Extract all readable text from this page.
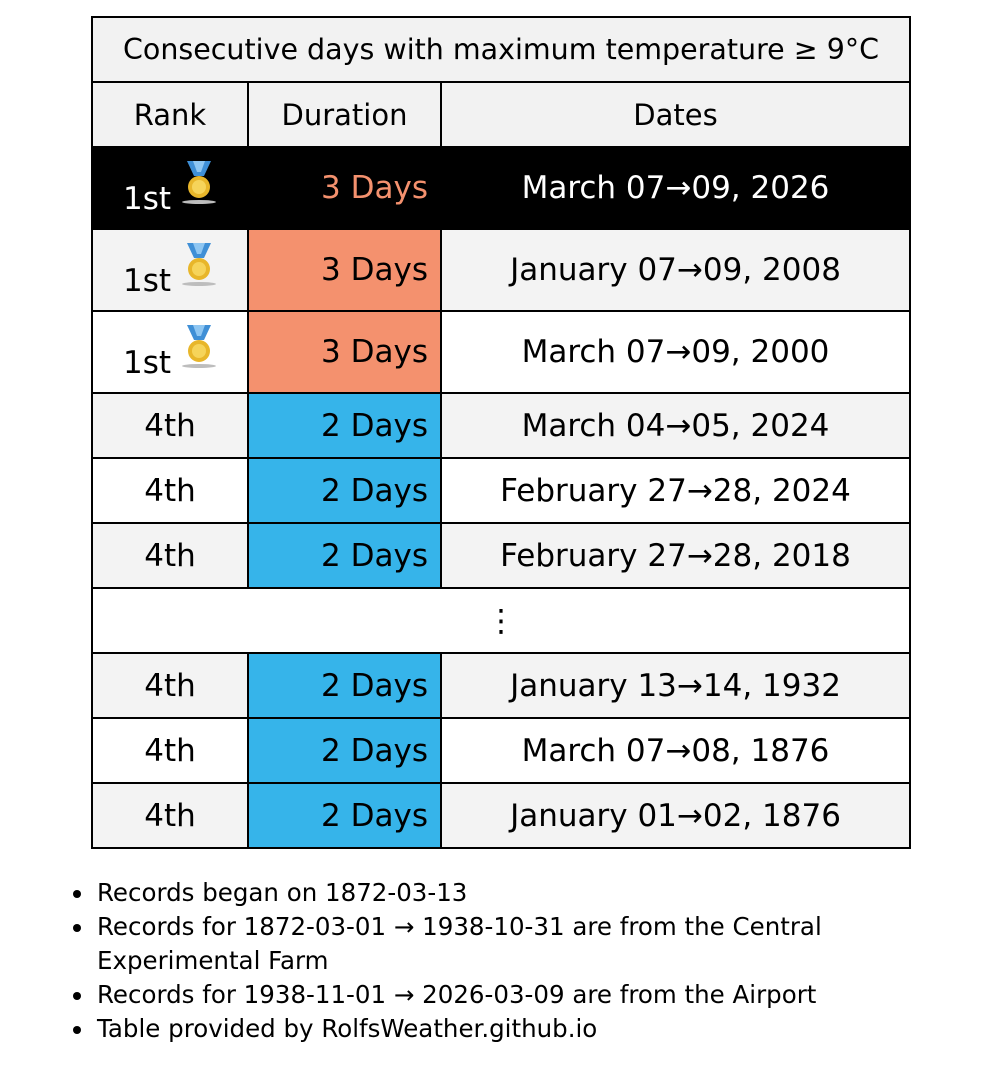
Consecutive days with maximum temperature ≥ 9°C		
Rank	Duration	Dates

1st	3 Days	March 07→09, 2026

1st	3 Days	January 07→09, 2008

1st	3 Days	March 07→09, 2000
4th	2 Days	March 04→05, 2024
4th	2 Days	February 27→28, 2024
4th	2 Days	February 27→28, 2018
⋮		
4th	2 Days	January 13→14, 1932
4th	2 Days	March 07→08, 1876
4th	2 Days	January 01→02, 1876
Records began on 1872-03-13
Records for 1872-03-01 → 1938-10-31 are from the Central Experimental Farm
Records for 1938-11-01 → 2026-03-09 are from the Airport
Table provided by RolfsWeather.github.io
